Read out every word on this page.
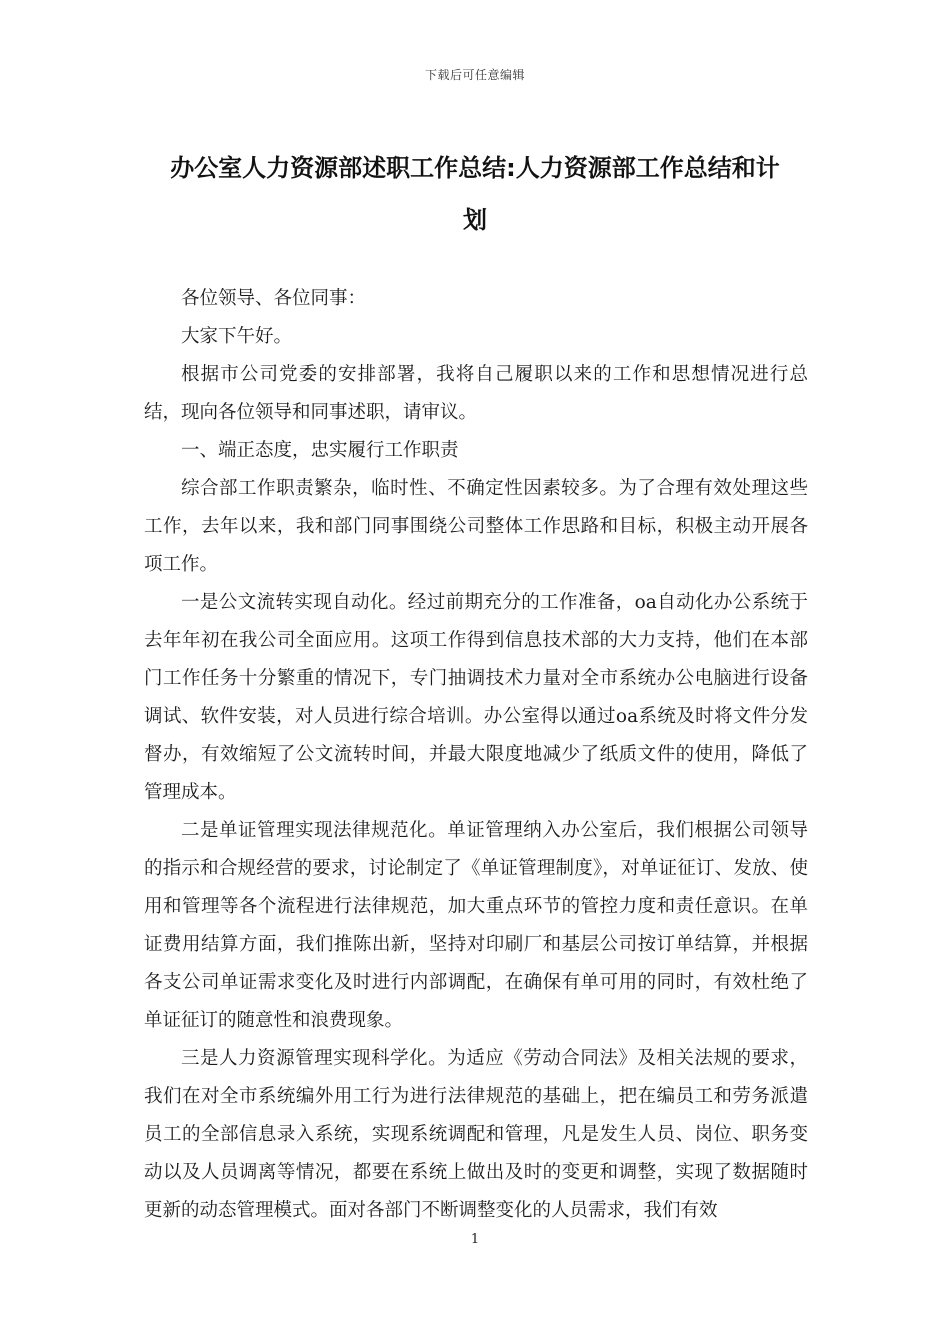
下载后可任意编辑
办公室人力资源部述职工作总结:人力资源部工作总结和计
划

各位领导、各位同事：

大家下午好。

根据市公司党委的安排部署，我将自己履职以来的工作和思想情况进行总结，现向各位领导和同事述职，请审议。

一、端正态度，忠实履行工作职责

综合部工作职责繁杂，临时性、不确定性因素较多。为了合理有效处理这些工作，去年以来，我和部门同事围绕公司整体工作思路和目标，积极主动开展各项工作。

一是公文流转实现自动化。经过前期充分的工作准备，oa自动化办公系统于去年年初在我公司全面应用。这项工作得到信息技术部的大力支持，他们在本部门工作任务十分繁重的情况下，专门抽调技术力量对全市系统办公电脑进行设备调试、软件安装，对人员进行综合培训。办公室得以通过oa系统及时将文件分发督办，有效缩短了公文流转时间，并最大限度地减少了纸质文件的使用，降低了管理成本。

二是单证管理实现法律规范化。单证管理纳入办公室后，我们根据公司领导的指示和合规经营的要求，讨论制定了《单证管理制度》，对单证征订、发放、使用和管理等各个流程进行法律规范，加大重点环节的管控力度和责任意识。在单证费用结算方面，我们推陈出新，坚持对印刷厂和基层公司按订单结算，并根据各支公司单证需求变化及时进行内部调配，在确保有单可用的同时，有效杜绝了单证征订的随意性和浪费现象。

三是人力资源管理实现科学化。为适应《劳动合同法》及相关法规的要求，我们在对全市系统编外用工行为进行法律规范的基础上，把在编员工和劳务派遣员工的全部信息录入系统，实现系统调配和管理，凡是发生人员、岗位、职务变动以及人员调离等情况，都要在系统上做出及时的变更和调整，实现了数据随时更新的动态管理模式。面对各部门不断调整变化的人员需求，我们有效

1
